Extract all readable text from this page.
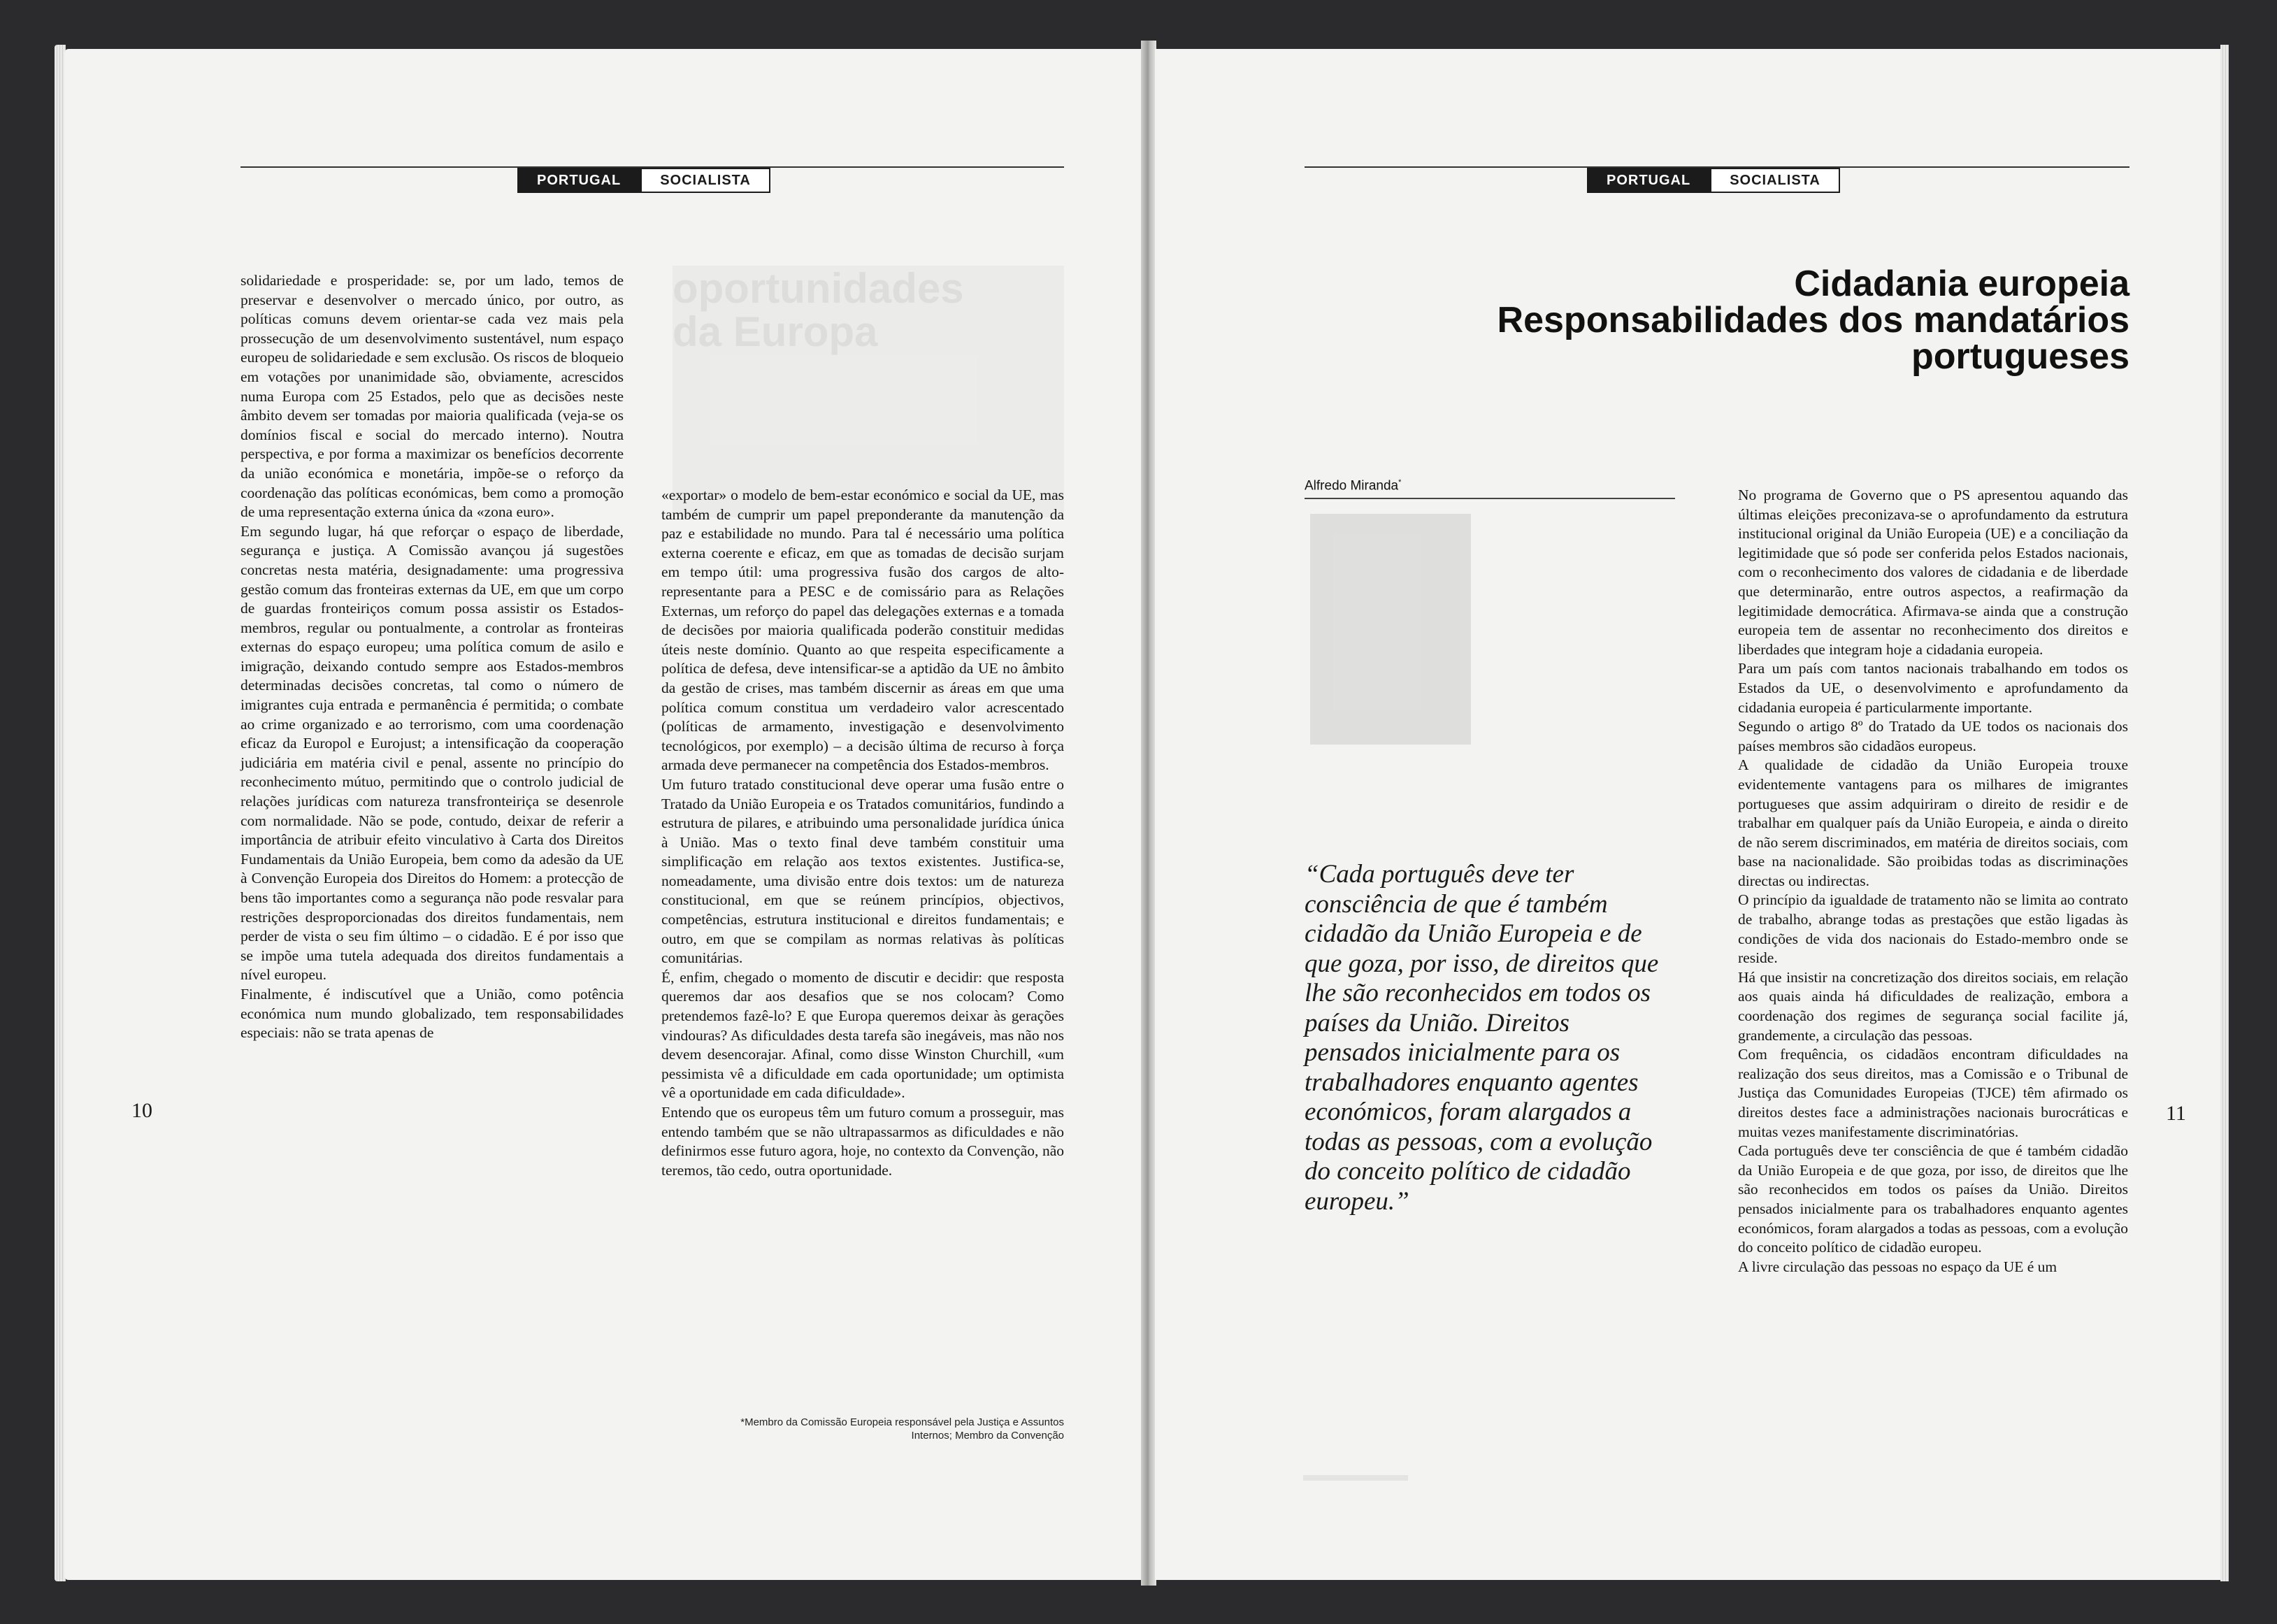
PORTUGAL	SOCIALISTA
oportunidades
da Europa

solidariedade e prosperidade: se, por um lado, temos de preservar e desenvolver o mercado único, por outro, as políticas comuns devem orientar-se cada vez mais pela prossecução de um desenvolvimento sustentável, num espaço europeu de solidariedade e sem exclusão. Os riscos de bloqueio em votações por unanimidade são, obviamente, acrescidos numa Europa com 25 Estados, pelo que as decisões neste âmbito devem ser tomadas por maioria qualificada (veja-se os domínios fiscal e social do mercado interno). Noutra perspectiva, e por forma a maximizar os benefícios decorrente da união económica e monetária, impõe-se o reforço da coordenação das políticas económicas, bem como a promoção de uma representação externa única da «zona euro».

Em segundo lugar, há que reforçar o espaço de liberdade, segurança e justiça. A Comissão avançou já sugestões concretas nesta matéria, designadamente: uma progressiva gestão comum das fronteiras externas da UE, em que um corpo de guardas fronteiriços comum possa assistir os Estados-membros, regular ou pontualmente, a controlar as fronteiras externas do espaço europeu; uma política comum de asilo e imigração, deixando contudo sempre aos Estados-membros determinadas decisões concretas, tal como o número de imigrantes cuja entrada e permanência é permitida; o combate ao crime organizado e ao terrorismo, com uma coordenação eficaz da Europol e Eurojust; a intensificação da cooperação judiciária em matéria civil e penal, assente no princípio do reconhecimento mútuo, permitindo que o controlo judicial de relações jurídicas com natureza transfronteiriça se desenrole com normalidade. Não se pode, contudo, deixar de referir a importância de atribuir efeito vinculativo à Carta dos Direitos Fundamentais da União Europeia, bem como da adesão da UE à Convenção Europeia dos Direitos do Homem: a protecção de bens tão importantes como a segurança não pode resvalar para restrições desproporcionadas dos direitos fundamentais, nem perder de vista o seu fim último – o cidadão. E é por isso que se impõe uma tutela adequada dos direitos fundamentais a nível europeu.

Finalmente, é indiscutível que a União, como potência económica num mundo globalizado, tem responsabilidades especiais: não se trata apenas de

«exportar» o modelo de bem-estar económico e social da UE, mas também de cumprir um papel preponderante da manutenção da paz e estabilidade no mundo. Para tal é necessário uma política externa coerente e eficaz, em que as tomadas de decisão surjam em tempo útil: uma progressiva fusão dos cargos de alto-representante para a PESC e de comissário para as Relações Externas, um reforço do papel das delegações externas e a tomada de decisões por maioria qualificada poderão constituir medidas úteis neste domínio. Quanto ao que respeita especificamente a política de defesa, deve intensificar-se a aptidão da UE no âmbito da gestão de crises, mas também discernir as áreas em que uma política comum constitua um verdadeiro valor acrescentado (políticas de armamento, investigação e desenvolvimento tecnológicos, por exemplo) – a decisão última de recurso à força armada deve permanecer na competência dos Estados-membros.

Um futuro tratado constitucional deve operar uma fusão entre o Tratado da União Europeia e os Tratados comunitários, fundindo a estrutura de pilares, e atribuindo uma personalidade jurídica única à União. Mas o texto final deve também constituir uma simplificação em relação aos textos existentes. Justifica-se, nomeadamente, uma divisão entre dois textos: um de natureza constitucional, em que se reúnem princípios, objectivos, competências, estrutura institucional e direitos fundamentais; e outro, em que se compilam as normas relativas às políticas comunitárias.

É, enfim, chegado o momento de discutir e decidir: que resposta queremos dar aos desafios que se nos colocam? Como pretendemos fazê-lo? E que Europa queremos deixar às gerações vindouras? As dificuldades desta tarefa são inegáveis, mas não nos devem desencorajar. Afinal, como disse Winston Churchill, «um pessimista vê a dificuldade em cada oportunidade; um optimista vê a oportunidade em cada dificuldade».

Entendo que os europeus têm um futuro comum a prosseguir, mas entendo também que se não ultrapassarmos as dificuldades e não definirmos esse futuro agora, hoje, no contexto da Convenção, não teremos, tão cedo, outra oportunidade.

*Membro da Comissão Europeia responsável pela Justiça e Assuntos
Internos; Membro da Convenção
10
PORTUGAL	SOCIALISTA
Cidadania europeia
Responsabilidades dos mandatários portugueses
Alfredo Miranda*
“Cada português deve ter consciência de que é também cidadão da União Europeia e de que goza, por isso, de direitos que lhe são reconhecidos em todos os países da União. Direitos pensados inicialmente para os trabalhadores enquanto agentes económicos, foram alargados a todas as pessoas, com a evolução do conceito político de cidadão europeu.”

No programa de Governo que o PS apresentou aquando das últimas eleições preconizava-se o aprofundamento da estrutura institucional original da União Europeia (UE) e a conciliação da legitimidade que só pode ser conferida pelos Estados nacionais, com o reconhecimento dos valores de cidadania e de liberdade que determinarão, entre outros aspectos, a reafirmação da legitimidade democrática. Afirmava-se ainda que a construção europeia tem de assentar no reconhecimento dos direitos e liberdades que integram hoje a cidadania europeia.

Para um país com tantos nacionais trabalhando em todos os Estados da UE, o desenvolvimento e aprofundamento da cidadania europeia é particularmente importante.

Segundo o artigo 8º do Tratado da UE todos os nacionais dos países membros são cidadãos europeus.

A qualidade de cidadão da União Europeia trouxe evidentemente vantagens para os milhares de imigrantes portugueses que assim adquiriram o direito de residir e de trabalhar em qualquer país da União Europeia, e ainda o direito de não serem discriminados, em matéria de direitos sociais, com base na nacionalidade. São proibidas todas as discriminações directas ou indirectas.

O princípio da igualdade de tratamento não se limita ao contrato de trabalho, abrange todas as prestações que estão ligadas às condições de vida dos nacionais do Estado-membro onde se reside.

Há que insistir na concretização dos direitos sociais, em relação aos quais ainda há dificuldades de realização, embora a coordenação dos regimes de segurança social facilite já, grandemente, a circulação das pessoas.

Com frequência, os cidadãos encontram dificuldades na realização dos seus direitos, mas a Comissão e o Tribunal de Justiça das Comunidades Europeias (TJCE) têm afirmado os direitos destes face a administrações nacionais burocráticas e muitas vezes manifestamente discriminatórias.

Cada português deve ter consciência de que é também cidadão da União Europeia e de que goza, por isso, de direitos que lhe são reconhecidos em todos os países da União. Direitos pensados inicialmente para os trabalhadores enquanto agentes económicos, foram alargados a todas as pessoas, com a evolução do conceito político de cidadão europeu.

A livre circulação das pessoas no espaço da UE é um

11
